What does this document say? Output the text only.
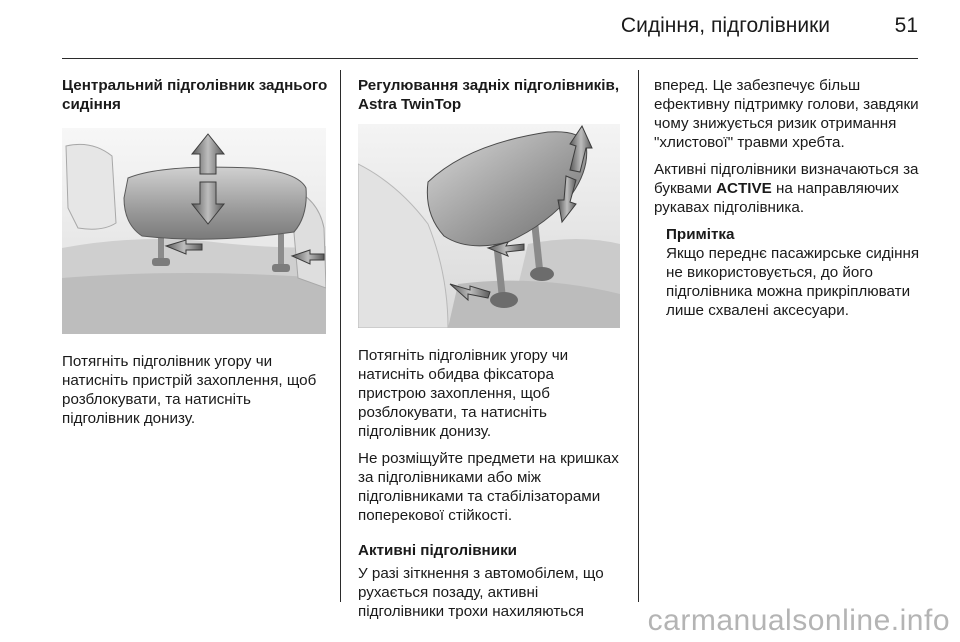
Сидіння, підголівники	51
Центральний підголівник заднього сидіння

Потягніть підголівник угору чи натисніть пристрій захоплення, щоб розблокувати, та натисніть підголівник донизу.

Регулювання задніх підголівників, Astra TwinTop

Потягніть підголівник угору чи натисніть обидва фіксатора пристрою захоплення, щоб розблокувати, та натисніть підголівник донизу.

Не розміщуйте предмети на кришках за підголівниками або між підголівниками та стабілізаторами поперекової стійкості.

Активні підголівники

У разі зіткнення з автомобілем, що рухається позаду, активні підголівники трохи нахиляються

вперед. Це забезпечує більш ефективну підтримку голови, завдяки чому знижується ризик отримання "хлистової" травми хребта.

Активні підголівники визначаються за буквами ACTIVE на направляючих рукавах підголівника.

Примітка
Якщо переднє пасажирське сидіння не використовується, до його підголівника можна прикріплювати лише схвалені аксесуари.
carmanualsonline.info
